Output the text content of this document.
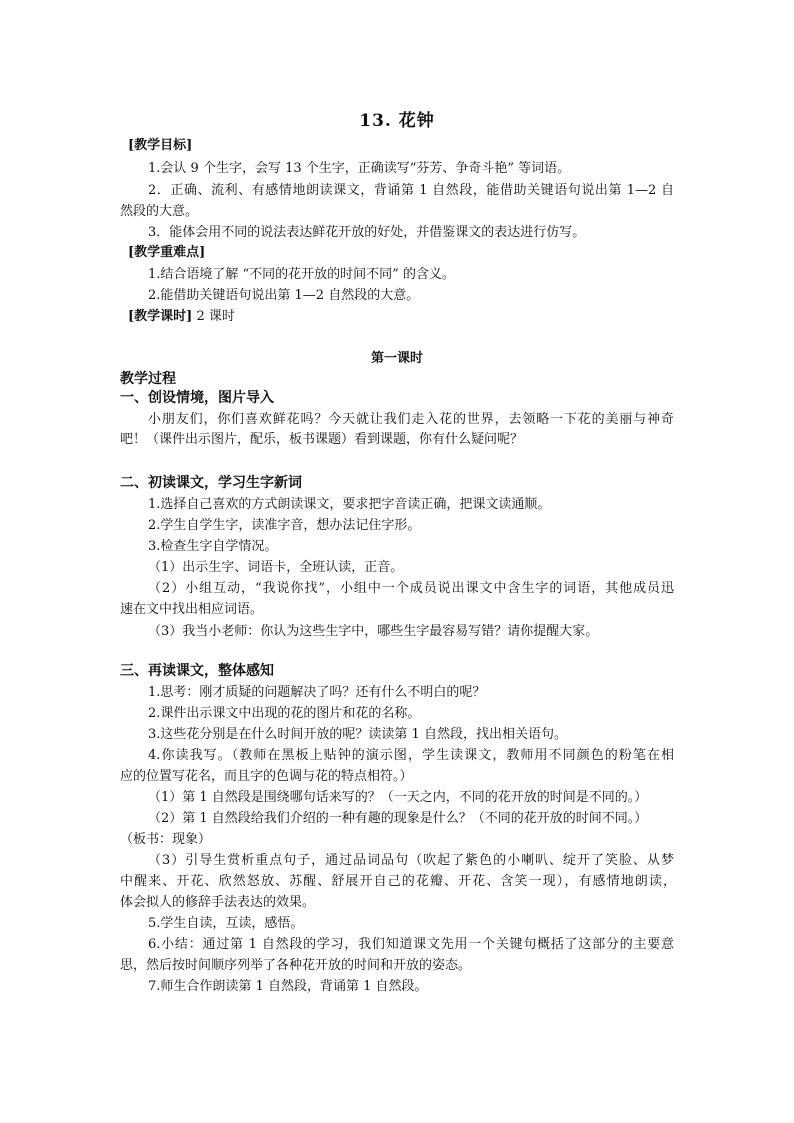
13. 花钟
[教学目标]
1.会认 9 个生字，会写 13 个生字，正确读写“芬芳、争奇斗艳” 等词语。
2．正确、流利、有感情地朗读课文，背诵第 1 自然段，能借助关键语句说出第 1—2 自
然段的大意。
3．能体会用不同的说法表达鲜花开放的好处，并借鉴课文的表达进行仿写。
[教学重难点]
1.结合语境了解 “不同的花开放的时间不同” 的含义。
2.能借助关键语句说出第 1—2 自然段的大意。
[教学课时] 2 课时
第一课时
教学过程
一、创设情境，图片导入
小朋友们，你们喜欢鲜花吗？今天就让我们走入花的世界，去领略一下花的美丽与神奇
吧！（课件出示图片，配乐，板书课题）看到课题，你有什么疑问呢？
二、初读课文，学习生字新词
1.选择自己喜欢的方式朗读课文，要求把字音读正确，把课文读通顺。
2.学生自学生字，读准字音，想办法记住字形。
3.检查生字自学情况。
（1）出示生字、词语卡，全班认读，正音。
（2）小组互动，“我说你找”，小组中一个成员说出课文中含生字的词语，其他成员迅
速在文中找出相应词语。
（3）我当小老师：你认为这些生字中，哪些生字最容易写错？请你提醒大家。
三、再读课文，整体感知
1.思考：刚才质疑的问题解决了吗？还有什么不明白的呢？
2.课件出示课文中出现的花的图片和花的名称。
3.这些花分别是在什么时间开放的呢？读读第 1 自然段，找出相关语句。
4.你读我写。（教师在黑板上贴钟的演示图，学生读课文，教师用不同颜色的粉笔在相
应的位置写花名，而且字的色调与花的特点相符。）
（1）第 1 自然段是围绕哪句话来写的？（一天之内，不同的花开放的时间是不同的。）
（2）第 1 自然段给我们介绍的一种有趣的现象是什么？（不同的花开放的时间不同。）
（板书：现象）
（3）引导生赏析重点句子，通过品词品句（吹起了紫色的小喇叭、绽开了笑脸、从梦
中醒来、开花、欣然怒放、苏醒、舒展开自己的花瓣、开花、含笑一现），有感情地朗读，
体会拟人的修辞手法表达的效果。
5.学生自读，互读，感悟。
6.小结：通过第 1 自然段的学习，我们知道课文先用一个关键句概括了这部分的主要意
思，然后按时间顺序列举了各种花开放的时间和开放的姿态。
7.师生合作朗读第 1 自然段，背诵第 1 自然段。
